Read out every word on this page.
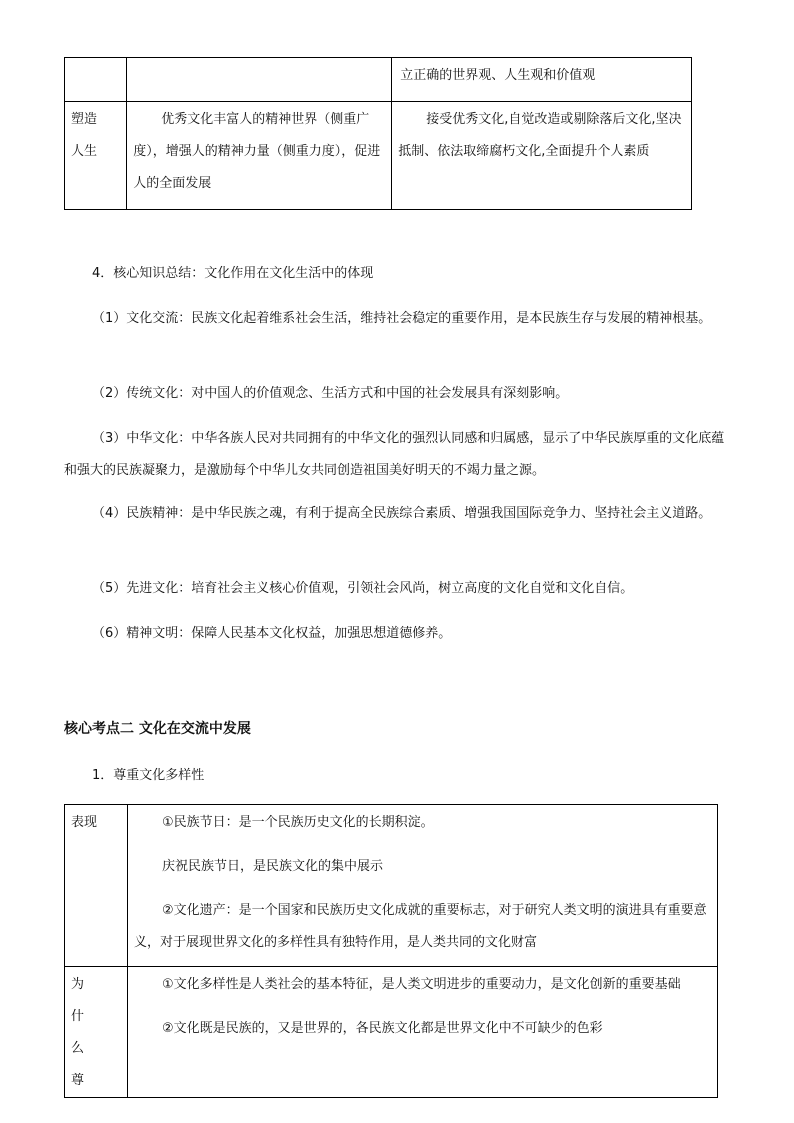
		立正确的世界观、人生观和价值观

塑造人生	优秀文化丰富人的精神世界（侧重广度），增强人的精神力量（侧重力度），促进人的全面发展	接受优秀文化,自觉改造或剔除落后文化,坚决抵制、依法取缔腐朽文化,全面提升个人素质

4．核心知识总结：文化作用在文化生活中的体现

（1）文化交流：民族文化起着维系社会生活，维持社会稳定的重要作用，是本民族生存与发展的精神根基。

（2）传统文化：对中国人的价值观念、生活方式和中国的社会发展具有深刻影响。

（3）中华文化：中华各族人民对共同拥有的中华文化的强烈认同感和归属感，显示了中华民族厚重的文化底蕴和强大的民族凝聚力，是激励每个中华儿女共同创造祖国美好明天的不竭力量之源。

（4）民族精神：是中华民族之魂，有利于提高全民族综合素质、增强我国国际竞争力、坚持社会主义道路。

（5）先进文化：培育社会主义核心价值观，引领社会风尚，树立高度的文化自觉和文化自信。

（6）精神文明：保障人民基本文化权益，加强思想道德修养。

核心考点二 文化在交流中发展

1．尊重文化多样性

表现	①民族节日：是一个民族历史文化的长期积淀。

庆祝民族节日，是民族文化的集中展示

②文化遗产：是一个国家和民族历史文化成就的重要标志，对于研究人类文明的演进具有重要意义，对于展现世界文化的多样性具有独特作用，是人类共同的文化财富

为什么尊	①文化多样性是人类社会的基本特征，是人类文明进步的重要动力，是文化创新的重要基础

②文化既是民族的，又是世界的，各民族文化都是世界文化中不可缺少的色彩
